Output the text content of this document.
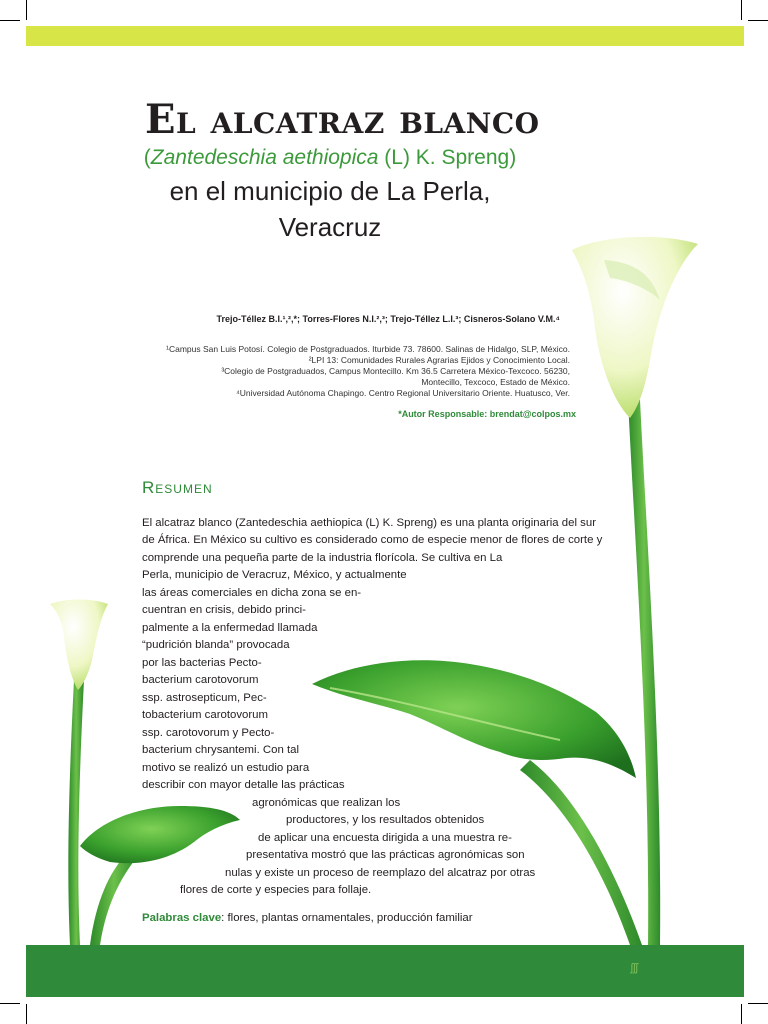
ʃʃʃ
El alcatraz blanco
(Zantedeschia aethiopica (L) K. Spreng)
en el municipio de La Perla,
Veracruz
Trejo-Téllez B.I.¹,²,*; Torres-Flores N.I.²,³; Trejo-Téllez L.I.³; Cisneros-Solano V.M.⁴
¹Campus San Luis Potosí. Colegio de Postgraduados. Iturbide 73. 78600. Salinas de Hidalgo, SLP, México.
²LPI 13: Comunidades Rurales Agrarias Ejidos y Conocimiento Local.
³Colegio de Postgraduados, Campus Montecillo. Km 36.5 Carretera México-Texcoco. 56230,
Montecillo, Texcoco, Estado de México.
⁴Universidad Autónoma Chapingo. Centro Regional Universitario Oriente. Huatusco, Ver.
*Autor Responsable: brendat@colpos.mx
Resumen
El alcatraz blanco (Zantedeschia aethiopica (L) K. Spreng) es una planta originaria del sur
de África. En México su cultivo es considerado como de especie menor de flores de corte y
comprende una pequeña parte de la industria florícola. Se cultiva en La
Perla, municipio de Veracruz, México, y actualmente
las áreas comerciales en dicha zona se en-
cuentran en crisis, debido princi-
palmente a la enfermedad llamada
“pudrición blanda” provocada
por las bacterias Pecto-
bacterium carotovorum
ssp. astrosepticum, Pec-
tobacterium carotovorum
ssp. carotovorum y Pecto-
bacterium chrysantemi. Con tal
motivo se realizó un estudio para
describir con mayor detalle las prácticas
agronómicas que realizan los
productores, y los resultados obtenidos
de aplicar una encuesta dirigida a una muestra re-
presentativa mostró que las prácticas agronómicas son
nulas y existe un proceso de reemplazo del alcatraz por otras
flores de corte y especies para follaje.
Palabras clave: flores, plantas ornamentales, producción familiar
